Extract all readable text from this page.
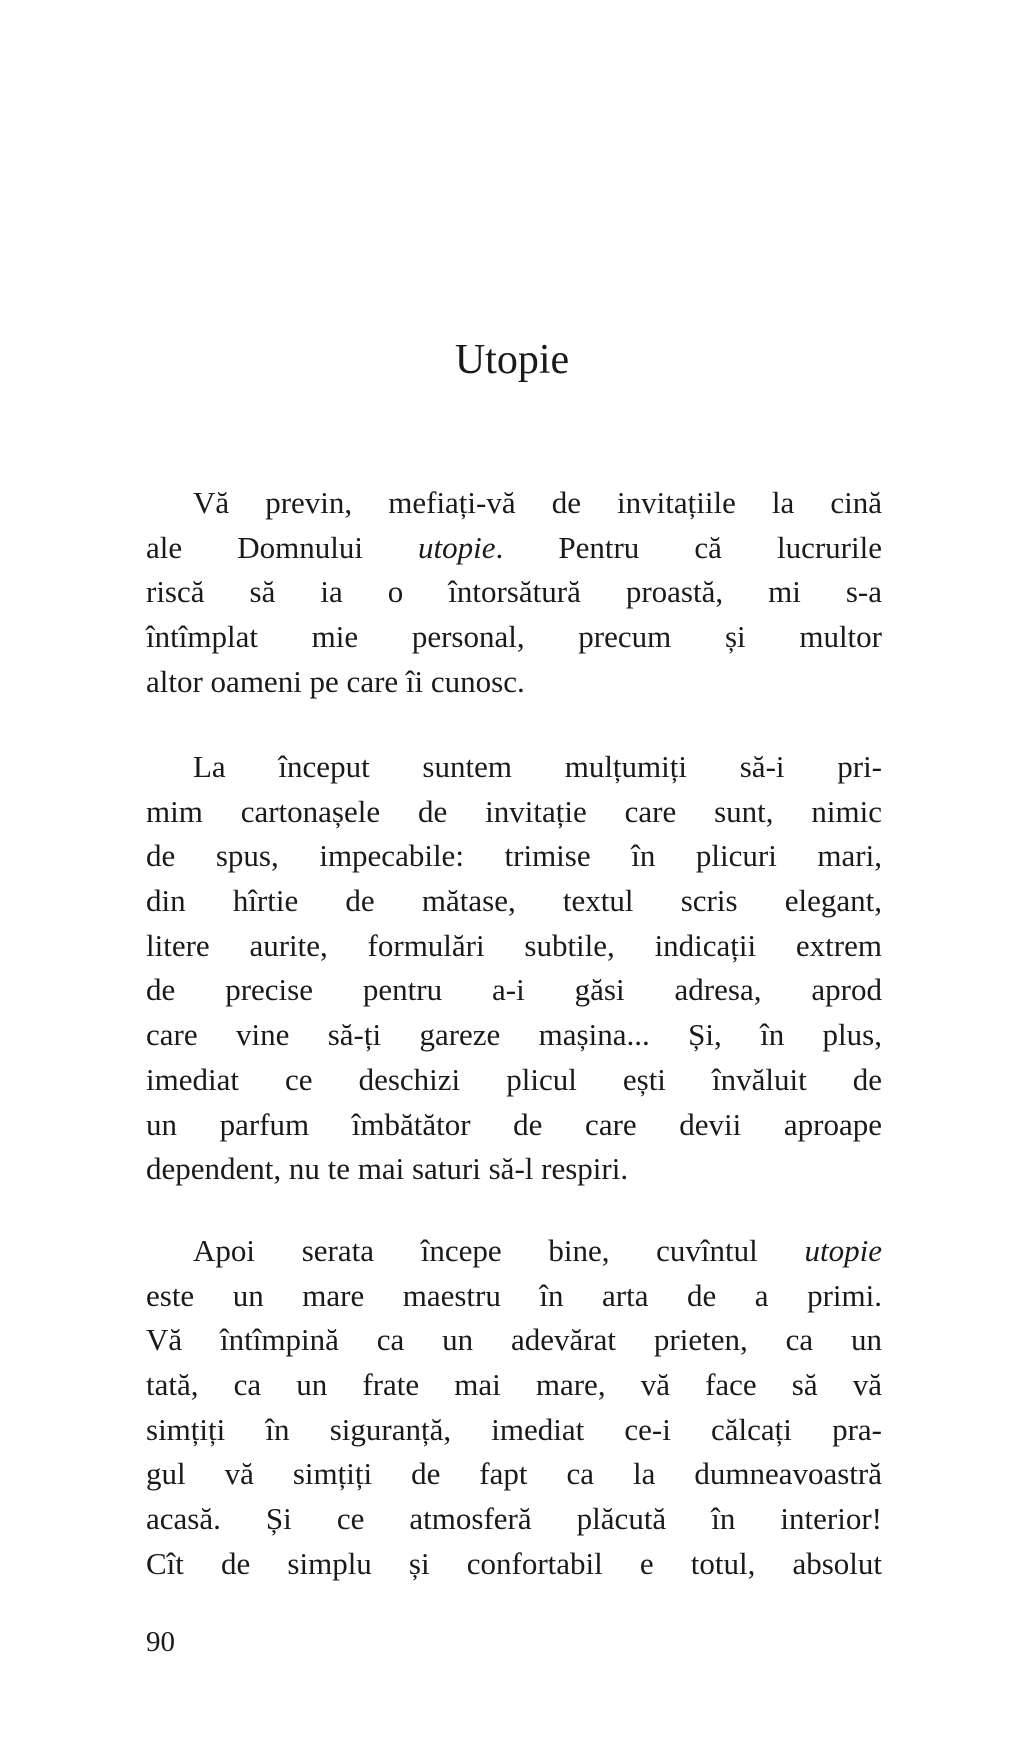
Utopie
Vă previn, mefiați-vă de invitațiile la cină
ale Domnului utopie. Pentru că lucrurile
riscă să ia o întorsătură proastă, mi s-a
întîmplat mie personal, precum și multor
altor oameni pe care îi cunosc.
La început suntem mulțumiți să-i pri-
mim cartonașele de invitație care sunt, nimic
de spus, impecabile: trimise în plicuri mari,
din hîrtie de mătase, textul scris elegant,
litere aurite, formulări subtile, indicații extrem
de precise pentru a-i găsi adresa, aprod
care vine să-ți gareze mașina... Și, în plus,
imediat ce deschizi plicul ești învăluit de
un parfum îmbătător de care devii aproape
dependent, nu te mai saturi să-l respiri.
Apoi serata începe bine, cuvîntul utopie
este un mare maestru în arta de a primi.
Vă întîmpină ca un adevărat prieten, ca un
tată, ca un frate mai mare, vă face să vă
simțiți în siguranță, imediat ce-i călcați pra-
gul vă simțiți de fapt ca la dumneavoastră
acasă. Și ce atmosferă plăcută în interior!
Cît de simplu și confortabil e totul, absolut
90
